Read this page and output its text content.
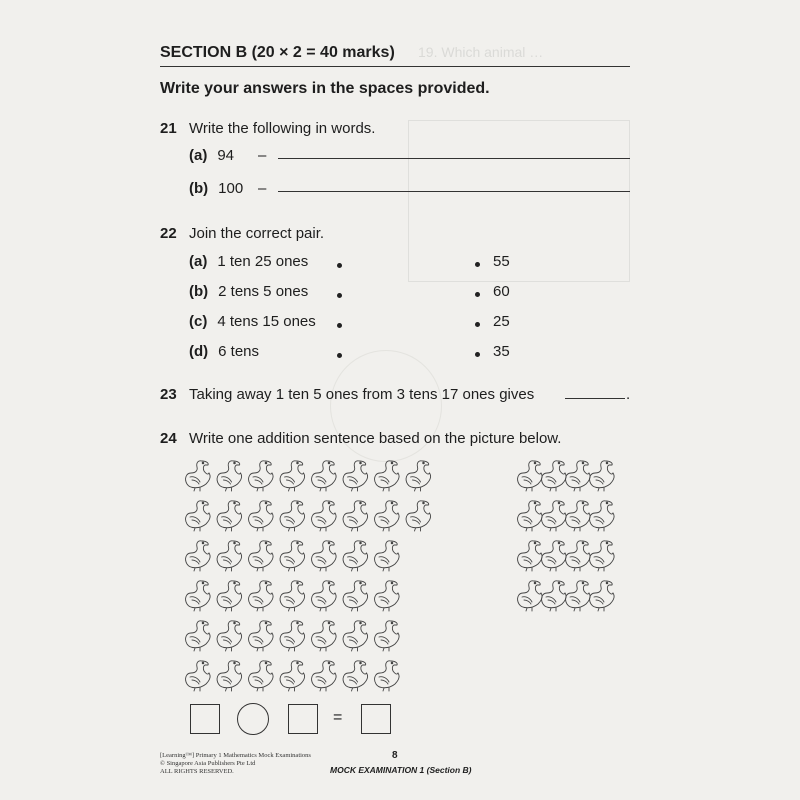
19. Which animal …
SECTION B (20 × 2 = 40 marks)
Write your answers in the spaces provided.
21 Write the following in words.
(a) 94 –
(b) 100 –
22 Join the correct pair.
(a) 1 ten 25 ones
(b) 2 tens 5 ones
(c) 4 tens 15 ones
(d) 6 tens
55
60
25
35
23 Taking away 1 ten 5 ones from 3 tens 17 ones gives	.
24 Write one addition sentence based on the picture below.
=
[Learning™] Primary 1 Mathematics Mock Examinations
© Singapore Asia Publishers Pte Ltd
ALL RIGHTS RESERVED.
8
MOCK EXAMINATION 1 (Section B)
